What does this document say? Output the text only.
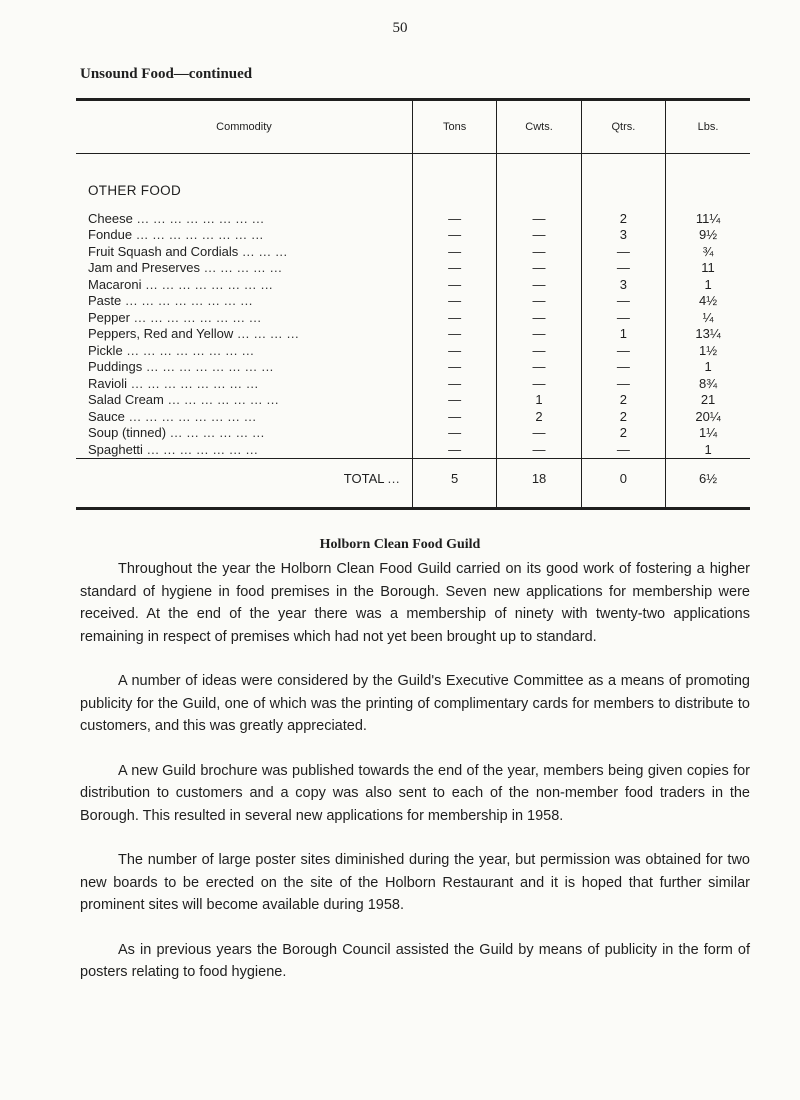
50
Unsound Food—continued
Commodity	Tons	Cwts.	Qtrs.	Lbs.
OTHER FOOD				

Cheese ... ... ... ... ... ... ... ...	—	—	2	11¼
Fondue ... ... ... ... ... ... ... ...	—	—	3	9½
Fruit Squash and Cordials ... ... ...	—	—	—	¾
Jam and Preserves ... ... ... ... ...	—	—	—	11
Macaroni ... ... ... ... ... ... ... ...	—	—	3	1
Paste ... ... ... ... ... ... ... ...	—	—	—	4½
Pepper ... ... ... ... ... ... ... ...	—	—	—	¼
Peppers, Red and Yellow ... ... ... ...	—	—	1	13¼
Pickle ... ... ... ... ... ... ... ...	—	—	—	1½
Puddings ... ... ... ... ... ... ... ...	—	—	—	1
Ravioli ... ... ... ... ... ... ... ...	—	—	—	8¾
Salad Cream ... ... ... ... ... ... ...	—	1	2	21
Sauce ... ... ... ... ... ... ... ...	—	2	2	20¼
Soup (tinned) ... ... ... ... ... ...	—	—	2	1¼
Spaghetti ... ... ... ... ... ... ...	—	—	—	1
TOTAL ...	5	18	0	6½

Holborn Clean Food Guild

Throughout the year the Holborn Clean Food Guild carried on its good work of fostering a higher standard of hygiene in food premises in the Borough. Seven new applications for membership were received. At the end of the year there was a membership of ninety with twenty-two applications remaining in respect of premises which had not yet been brought up to standard.

A number of ideas were considered by the Guild's Executive Committee as a means of promoting publicity for the Guild, one of which was the printing of complimentary cards for members to distribute to customers, and this was greatly appreciated.

A new Guild brochure was published towards the end of the year, members being given copies for distribution to customers and a copy was also sent to each of the non-member food traders in the Borough. This resulted in several new applications for membership in 1958.

The number of large poster sites diminished during the year, but permission was obtained for two new boards to be erected on the site of the Holborn Restaurant and it is hoped that further similar prominent sites will become available during 1958.

As in previous years the Borough Council assisted the Guild by means of publicity in the form of posters relating to food hygiene.
